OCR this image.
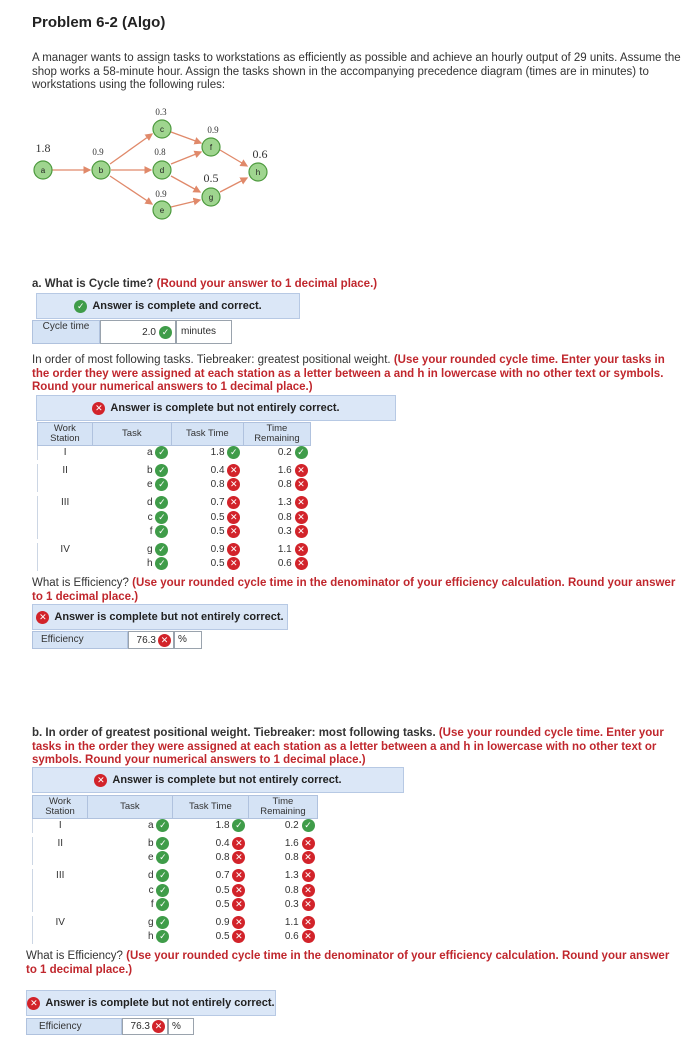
Problem 6-2 (Algo)
A manager wants to assign tasks to workstations as efficiently as possible and achieve an hourly output of 29 units. Assume the shop works a 58-minute hour. Assign the tasks shown in the accompanying precedence diagram (times are in minutes) to workstations using the following rules:
a
1.8
b
0.9
c
0.3
d
0.8
e
0.9
f
0.9
g
0.5	h
0.6
a. What is Cycle time? (Round your answer to 1 decimal place.)
✓ Answer is complete and correct.
Cycle time	2.0 ✓	minutes
In order of most following tasks. Tiebreaker: greatest positional weight. (Use your rounded cycle time. Enter your tasks in the order they were assigned at each station as a letter between a and h in lowercase with no other text or symbols. Round your numerical answers to 1 decimal place.)
✕ Answer is complete but not entirely correct.
Work Station	Task	Task Time	Time Remaining
I	a ✓	1.8 ✓	0.2 ✓

II	b ✓	0.4 ✕	1.6 ✕
	e ✓	0.8 ✕	0.8 ✕

III	d ✓	0.7 ✕	1.3 ✕
	c ✓	0.5 ✕	0.8 ✕
	f ✓	0.5 ✕	0.3 ✕

IV	g ✓	0.9 ✕	1.1 ✕
	h ✓	0.5 ✕	0.6 ✕
What is Efficiency? (Use your rounded cycle time in the denominator of your efficiency calculation. Round your answer to 1 decimal place.)
✕ Answer is complete but not entirely correct.
Efficiency	76.3 ✕ %
b. In order of greatest positional weight. Tiebreaker: most following tasks. (Use your rounded cycle time. Enter your tasks in the order they were assigned at each station as a letter between a and h in lowercase with no other text or symbols. Round your numerical answers to 1 decimal place.)
✕ Answer is complete but not entirely correct.
Work Station	Task	Task Time	Time Remaining
I	a ✓	1.8 ✓	0.2 ✓

II	b ✓	0.4 ✕	1.6 ✕
	e ✓	0.8 ✕	0.8 ✕

III	d ✓	0.7 ✕	1.3 ✕
	c ✓	0.5 ✕	0.8 ✕
	f ✓	0.5 ✕	0.3 ✕

IV	g ✓	0.9 ✕	1.1 ✕
	h ✓	0.5 ✕	0.6 ✕
What is Efficiency? (Use your rounded cycle time in the denominator of your efficiency calculation. Round your answer to 1 decimal place.)
✕ Answer is complete but not entirely correct.
Efficiency	76.3 ✕ %
